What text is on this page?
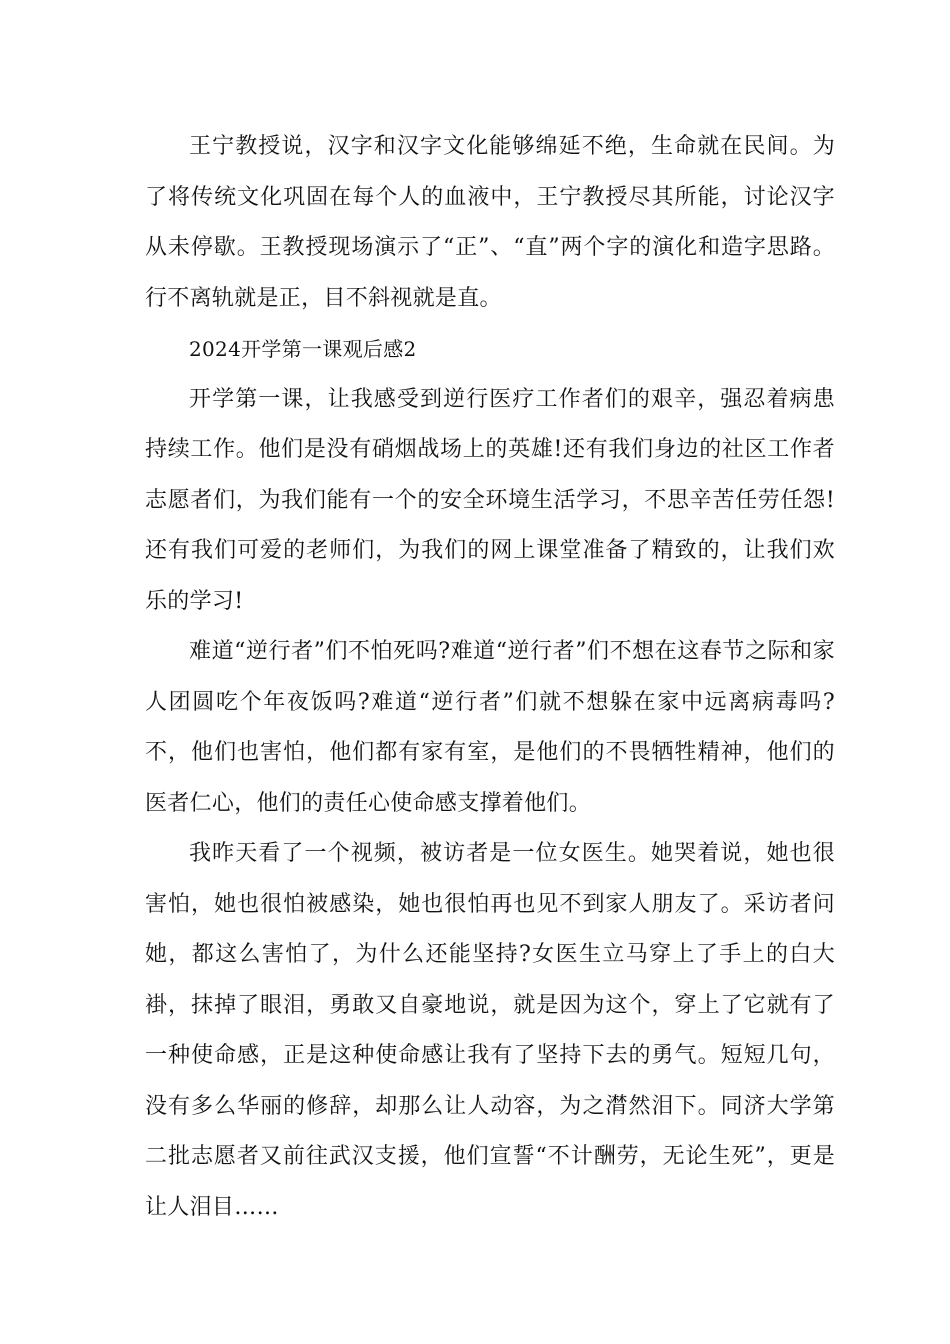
王宁教授说，汉字和汉字文化能够绵延不绝，生命就在民间。为了将传统文化巩固在每个人的血液中，王宁教授尽其所能，讨论汉字从未停歇。王教授现场演示了“正”、“直”两个字的演化和造字思路。行不离轨就是正，目不斜视就是直。

2024开学第一课观后感2

开学第一课，让我感受到逆行医疗工作者们的艰辛，强忍着病患持续工作。他们是没有硝烟战场上的英雄!还有我们身边的社区工作者志愿者们，为我们能有一个的安全环境生活学习，不思辛苦任劳任怨!还有我们可爱的老师们，为我们的网上课堂准备了精致的，让我们欢乐的学习!

难道“逆行者”们不怕死吗?难道“逆行者”们不想在这春节之际和家人团圆吃个年夜饭吗?难道“逆行者”们就不想躲在家中远离病毒吗?不，他们也害怕，他们都有家有室，是他们的不畏牺牲精神，他们的医者仁心，他们的责任心使命感支撑着他们。

我昨天看了一个视频，被访者是一位女医生。她哭着说，她也很害怕，她也很怕被感染，她也很怕再也见不到家人朋友了。采访者问她，都这么害怕了，为什么还能坚持?女医生立马穿上了手上的白大褂，抹掉了眼泪，勇敢又自豪地说，就是因为这个，穿上了它就有了一种使命感，正是这种使命感让我有了坚持下去的勇气。短短几句，没有多么华丽的修辞，却那么让人动容，为之潸然泪下。同济大学第二批志愿者又前往武汉支援，他们宣誓“不计酬劳，无论生死”，更是让人泪目……
